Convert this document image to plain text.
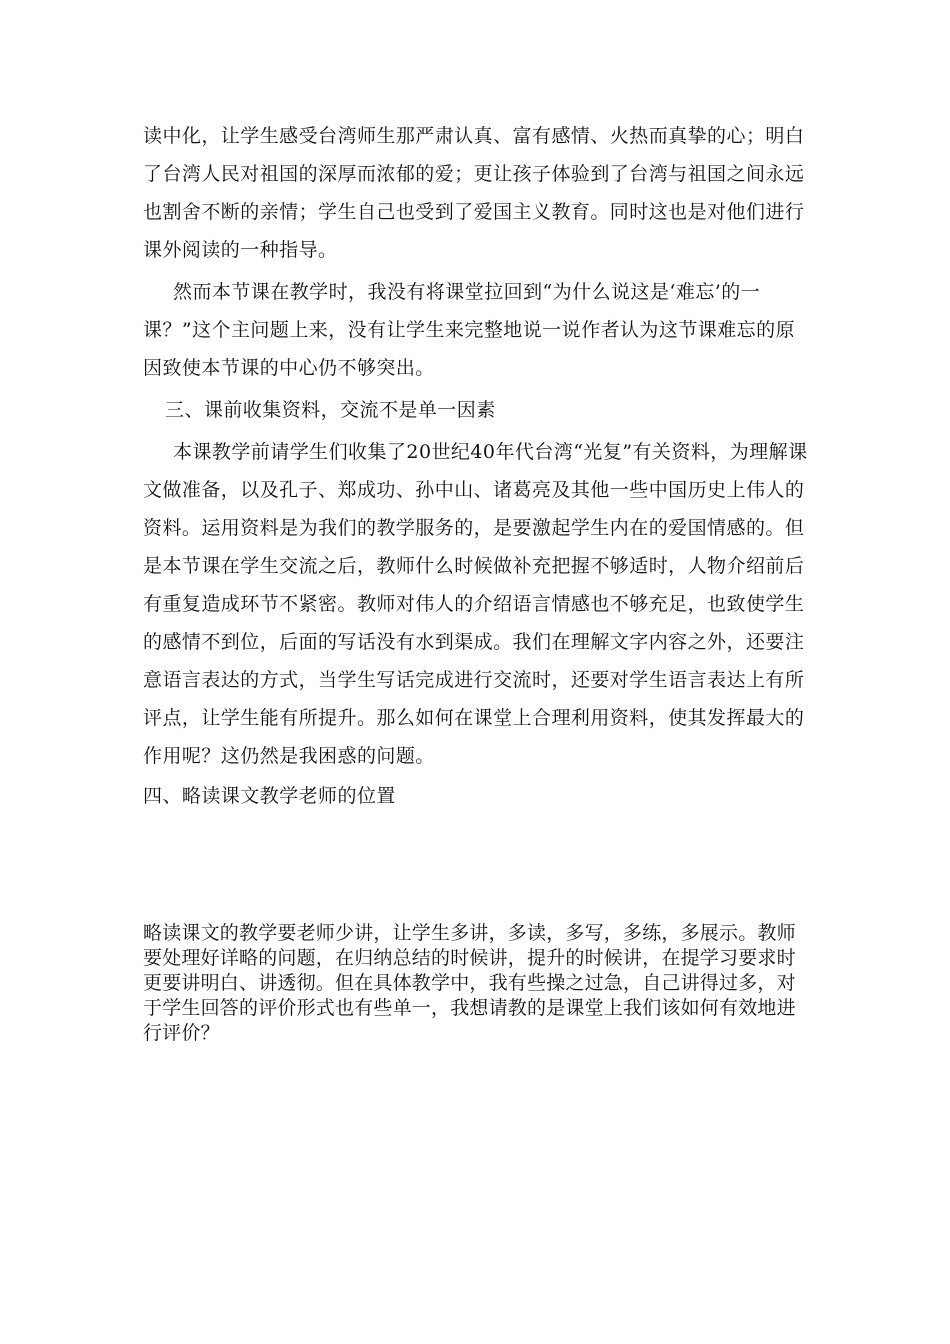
读中化，让学生感受台湾师生那严肃认真、富有感情、火热而真挚的心；明白了台湾人民对祖国的深厚而浓郁的爱；更让孩子体验到了台湾与祖国之间永远也割舍不断的亲情；学生自己也受到了爱国主义教育。同时这也是对他们进行课外阅读的一种指导。

然而本节课在教学时，我没有将课堂拉回到“为什么说这是‘难忘’的一课？”这个主问题上来，没有让学生来完整地说一说作者认为这节课难忘的原因致使本节课的中心仍不够突出。

三、课前收集资料，交流不是单一因素

本课教学前请学生们收集了20世纪40年代台湾“光复”有关资料，为理解课文做准备，以及孔子、郑成功、孙中山、诸葛亮及其他一些中国历史上伟人的资料。运用资料是为我们的教学服务的，是要激起学生内在的爱国情感的。但是本节课在学生交流之后，教师什么时候做补充把握不够适时，人物介绍前后有重复造成环节不紧密。教师对伟人的介绍语言情感也不够充足，也致使学生的感情不到位，后面的写话没有水到渠成。我们在理解文字内容之外，还要注意语言表达的方式，当学生写话完成进行交流时，还要对学生语言表达上有所评点，让学生能有所提升。那么如何在课堂上合理利用资料，使其发挥最大的作用呢？这仍然是我困惑的问题。

四、略读课文教学老师的位置

略读课文的教学要老师少讲，让学生多讲，多读，多写，多练，多展示。教师要处理好详略的问题，在归纳总结的时候讲，提升的时候讲，在提学习要求时更要讲明白、讲透彻。但在具体教学中，我有些操之过急，自己讲得过多，对于学生回答的评价形式也有些单一，我想请教的是课堂上我们该如何有效地进行评价？
